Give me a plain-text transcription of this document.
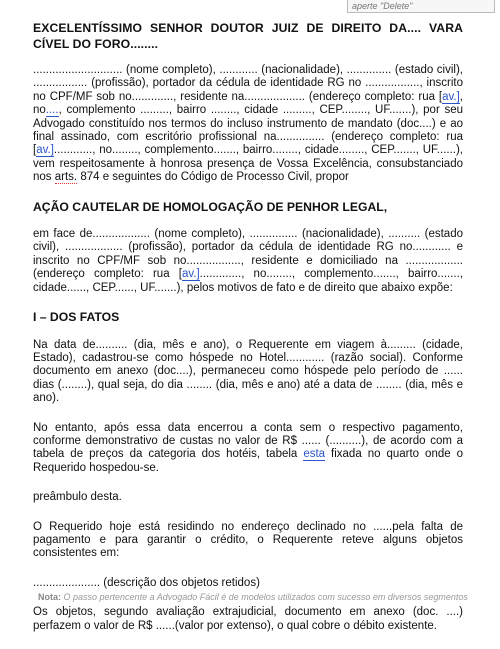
aperte "Delete"

EXCELENTÍSSIMO SENHOR DOUTOR JUIZ DE DIREITO DA.... VARA CÍVEL DO FORO........

............................ (nome completo), ............ (nacionalidade), .............. (estado civil), ................. (profissão), portador da cédula de identidade RG no ................., inscrito no CPF/MF sob no............., residente na................... (endereço completo: rua [av.], no...., complemento ........., bairro ........, cidade ........., CEP........, UF.......), por seu Advogado constituído nos termos do incluso instrumento de mandato (doc....) e ao final assinado, com escritório profissional na............... (endereço completo: rua [av.]............, no........, complemento......., bairro........, cidade........, CEP......., UF......), vem respeitosamente à honrosa presença de Vossa Excelência, consubstanciado nos arts. 874 e seguintes do Código de Processo Civil, propor

AÇÃO CAUTELAR DE HOMOLOGAÇÃO DE PENHOR LEGAL,

em face de.................. (nome completo), ............... (nacionalidade), .......... (estado civil), .................. (profissão), portador da cédula de identidade RG no............ e inscrito no CPF/MF sob no................., residente e domiciliado na .................. (endereço completo: rua [av.]............., no........, complemento......., bairro......., cidade......, CEP......, UF.......), pelos motivos de fato e de direito que abaixo expõe:

I – DOS FATOS

Na data de.......... (dia, mês e ano), o Requerente em viagem à......... (cidade, Estado), cadastrou-se como hóspede no Hotel............ (razão social). Conforme documento em anexo (doc....), permaneceu como hóspede pelo período de ...... dias (........), qual seja, do dia ........ (dia, mês e ano) até a data de ........ (dia, mês e ano).

No entanto, após essa data encerrou a conta sem o respectivo pagamento, conforme demonstrativo de custas no valor de R$ ...... (..........), de acordo com a tabela de preços da categoria dos hotéis, tabela esta fixada no quarto onde o Requerido hospedou-se.

preâmbulo desta.

O Requerido hoje está residindo no endereço declinado no ......pela falta de pagamento e para garantir o crédito, o Requerente reteve alguns objetos consistentes em:

..................... (descrição dos objetos retidos)

Os objetos, segundo avaliação extrajudicial, documento em anexo (doc. ....) perfazem o valor de R$ ......(valor por extenso), o qual cobre o débito existente.

Nota: O passo pertencente a Advogado Fácil é de modelos utilizados com sucesso em diversos segmentos
